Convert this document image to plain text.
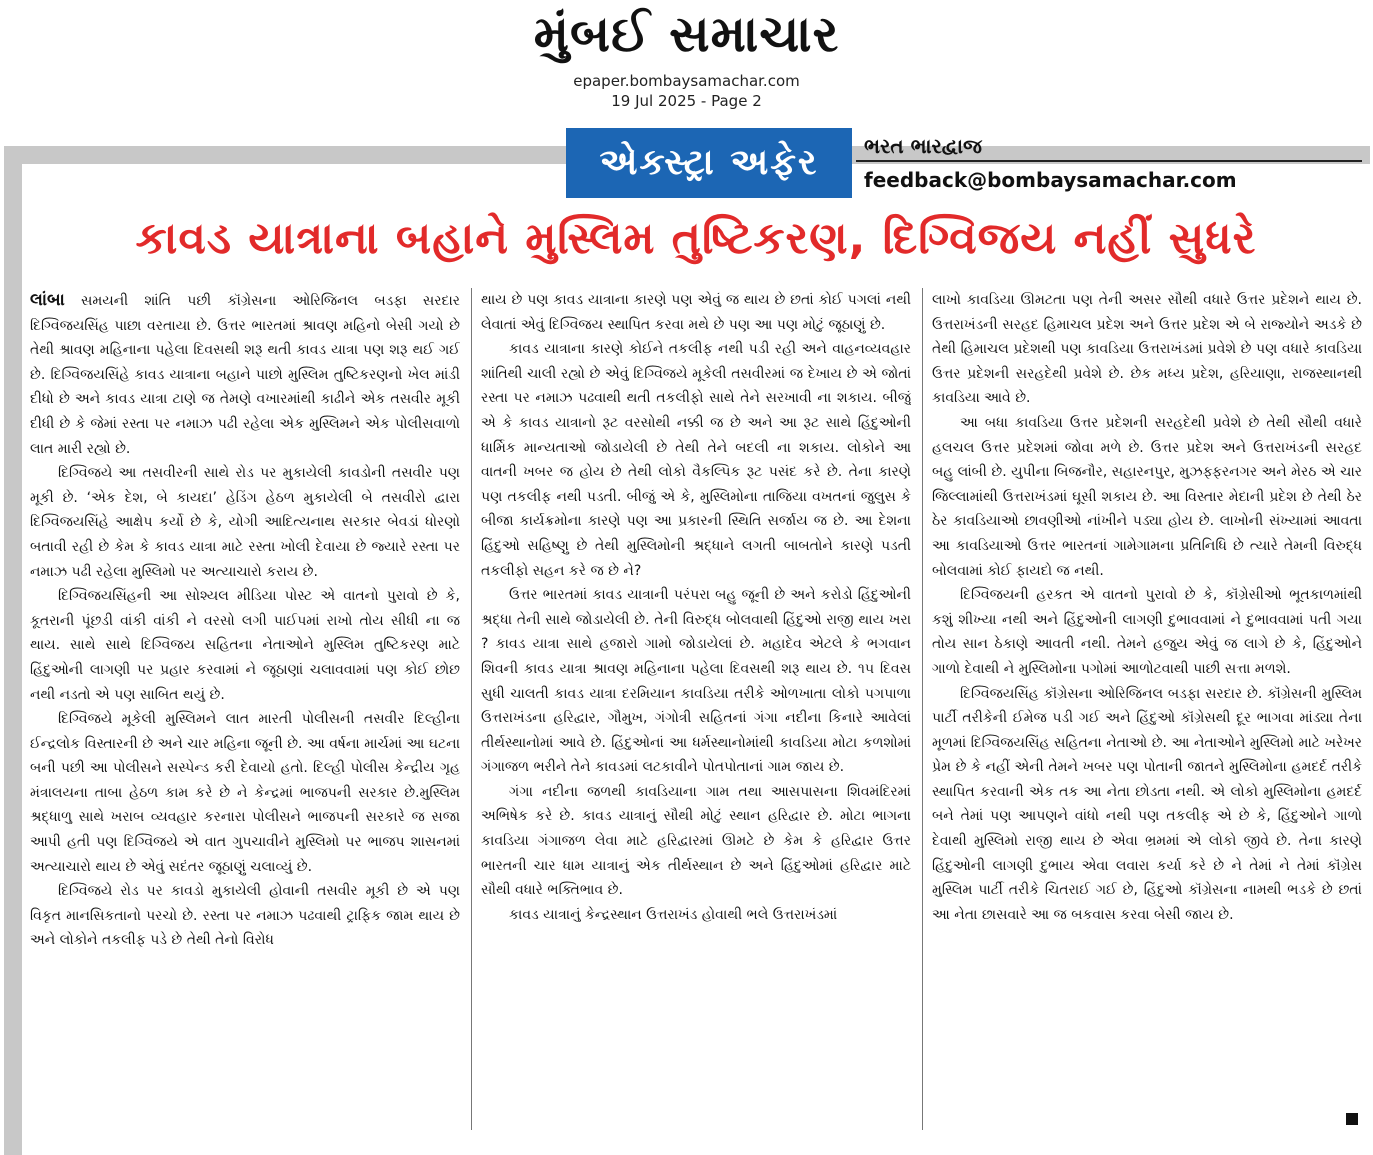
મુંબઈ સમાચાર
epaper.bombaysamachar.com
19 Jul 2025 - Page 2
એક્સ્ટ્રા અફેર	ભરત ભારદ્વાજ
feedback@bombaysamachar.com
કાવડ યાત્રાના બહાને મુસ્લિમ તુષ્ટિકરણ, દિગ્વિજય નહીં સુધરે

લાંબા સમયની શાંતિ પછી કૉંગ્રેસના ઓરિજિનલ બડફા સરદાર દિગ્વિજયસિંહ પાછા વરતાયા છે. ઉત્તર ભારતમાં શ્રાવણ મહિનો બેસી ગયો છે તેથી શ્રાવણ મહિનાના પહેલા દિવસથી શરૂ થતી કાવડ યાત્રા પણ શરૂ થઈ ગઈ છે. દિગ્વિજયસિંહે કાવડ યાત્રાના બહાને પાછો મુસ્લિમ તુષ્ટિકરણનો ખેલ માંડી દીધો છે અને કાવડ યાત્રા ટાણે જ તેમણે વખારમાંથી કાઢીને એક તસવીર મૂકી દીધી છે કે જેમાં રસ્તા પર નમાઝ પઢી રહેલા એક મુસ્લિમને એક પોલીસવાળો લાત મારી રહ્યો છે.

દિગ્વિજયે આ તસવીરની સાથે રોડ પર મુકાયેલી કાવડોની તસવીર પણ મૂકી છે. ‘એક દેશ, બે કાયદા’ હેડિંગ હેઠળ મુકાયેલી બે તસવીરો દ્વારા દિગ્વિજયસિંહે આક્ષેપ કર્યો છે કે, યોગી આદિત્યનાથ સરકાર બેવડાં ધોરણો બતાવી રહી છે કેમ કે કાવડ યાત્રા માટે રસ્તા ખોલી દેવાયા છે જ્યારે રસ્તા પર નમાઝ પઢી રહેલા મુસ્લિમો પર અત્યાચારો કરાય છે.

દિગ્વિજયસિંહની આ સોશ્યલ મીડિયા પોસ્ટ એ વાતનો પુરાવો છે કે, કૂતરાની પૂંછડી વાંકી વાંકી ને વરસો લગી પાઈપમાં રાખો તોય સીધી ના જ થાય. સાથે સાથે દિગ્વિજય સહિતના નેતાઓને મુસ્લિમ તુષ્ટિકરણ માટે હિંદુઓની લાગણી પર પ્રહાર કરવામાં ને જૂઠાણાં ચલાવવામાં પણ કોઈ છોછ નથી નડતો એ પણ સાબિત થયું છે.

દિગ્વિજયે મૂકેલી મુસ્લિમને લાત મારતી પોલીસની તસવીર દિલ્હીના ઈન્દ્રલોક વિસ્તારની છે અને ચાર મહિના જૂની છે. આ વર્ષના માર્ચમાં આ ઘટના બની પછી આ પોલીસને સસ્પેન્ડ કરી દેવાયો હતો. દિલ્હી પોલીસ કેન્દ્રીય ગૃહ મંત્રાલયના તાબા હેઠળ કામ કરે છે ને કેન્દ્રમાં ભાજપની સરકાર છે.મુસ્લિમ શ્રદ્ધાળુ સાથે ખરાબ વ્યવહાર કરનારા પોલીસને ભાજપની સરકારે જ સજા આપી હતી પણ દિગ્વિજયે એ વાત ગુપચાવીને મુસ્લિમો પર ભાજપ શાસનમાં અત્યાચારો થાય છે એવું સદંતર જૂઠાણું ચલાવ્યું છે.

દિગ્વિજયે રોડ પર કાવડો મુકાયેલી હોવાની તસવીર મૂકી છે એ પણ વિકૃત માનસિકતાનો પરચો છે. રસ્તા પર નમાઝ પઢવાથી ટ્રાફિક જામ થાય છે અને લોકોને તકલીફ પડે છે તેથી તેનો વિરોધ

થાય છે પણ કાવડ યાત્રાના કારણે પણ એવું જ થાય છે છતાં કોઈ પગલાં નથી લેવાતાં એવું દિગ્વિજય સ્થાપિત કરવા મથે છે પણ આ પણ મોટું જૂઠાણું છે.

કાવડ યાત્રાના કારણે કોઈને તકલીફ નથી પડી રહી અને વાહનવ્યવહાર શાંતિથી ચાલી રહ્યો છે એવું દિગ્વિજયે મૂકેલી તસવીરમાં જ દેખાય છે એ જોતાં રસ્તા પર નમાઝ પઢવાથી થતી તકલીફો સાથે તેને સરખાવી ના શકાય. બીજું એ કે કાવડ યાત્રાનો રૂટ વરસોથી નક્કી જ છે અને આ રૂટ સાથે હિંદુઓની ધાર્મિક માન્યતાઓ જોડાયેલી છે તેથી તેને બદલી ના શકાય. લોકોને આ વાતની ખબર જ હોય છે તેથી લોકો વૈકલ્પિક રૂટ પસંદ કરે છે. તેના કારણે પણ તકલીફ નથી પડતી. બીજું એ કે, મુસ્લિમોના તાજિયા વખતનાં જુલુસ કે બીજા કાર્યક્રમોના કારણે પણ આ પ્રકારની સ્થિતિ સર્જાય જ છે. આ દેશના હિંદુઓ સહિષ્ણુ છે તેથી મુસ્લિમોની શ્રદ્ધાને લગતી બાબતોને કારણે પડતી તકલીફો સહન કરે જ છે ને?

ઉત્તર ભારતમાં કાવડ યાત્રાની પરંપરા બહુ જૂની છે અને કરોડો હિંદુઓની શ્રદ્ધા તેની સાથે જોડાયેલી છે. તેની વિરુદ્ધ બોલવાથી હિંદુઓ રાજી થાય ખરા ? કાવડ યાત્રા સાથે હજારો ગામો જોડાયેલાં છે. મહાદેવ એટલે કે ભગવાન શિવની કાવડ યાત્રા શ્રાવણ મહિનાના પહેલા દિવસથી શરૂ થાય છે. ૧૫ દિવસ સુધી ચાલતી કાવડ યાત્રા દરમિયાન કાવડિયા તરીકે ઓળખાતા લોકો પગપાળા ઉત્તરાખંડના હરિદ્વાર, ગૌમુખ, ગંગોત્રી સહિતનાં ગંગા નદીના કિનારે આવેલાં તીર્થસ્થાનોમાં આવે છે. હિંદુઓનાં આ ધર્મસ્થાનોમાંથી કાવડિયા મોટા કળશોમાં ગંગાજળ ભરીને તેને કાવડમાં લટકાવીને પોતપોતાનાં ગામ જાય છે.

ગંગા નદીના જળથી કાવડિયાના ગામ તથા આસપાસના શિવમંદિરમાં અભિષેક કરે છે. કાવડ યાત્રાનું સૌથી મોટું સ્થાન હરિદ્વાર છે. મોટા ભાગના કાવડિયા ગંગાજળ લેવા માટે હરિદ્વારમાં ઊમટે છે કેમ કે હરિદ્વાર ઉત્તર ભારતની ચાર ધામ યાત્રાનું એક તીર્થસ્થાન છે અને હિંદુઓમાં હરિદ્વાર માટે સૌથી વધારે ભક્તિભાવ છે.

કાવડ યાત્રાનું કેન્દ્રસ્થાન ઉત્તરાખંડ હોવાથી ભલે ઉત્તરાખંડમાં

લાખો કાવડિયા ઊમટતા પણ તેની અસર સૌથી વધારે ઉત્તર પ્રદેશને થાય છે. ઉત્તરાખંડની સરહદ હિમાચલ પ્રદેશ અને ઉત્તર પ્રદેશ એ બે રાજ્યોને અડકે છે તેથી હિમાચલ પ્રદેશથી પણ કાવડિયા ઉત્તરાખંડમાં પ્રવેશે છે પણ વધારે કાવડિયા ઉત્તર પ્રદેશની સરહદેથી પ્રવેશે છે. છેક મધ્ય પ્રદેશ, હરિયાણા, રાજસ્થાનથી કાવડિયા આવે છે.

આ બધા કાવડિયા ઉત્તર પ્રદેશની સરહદેથી પ્રવેશે છે તેથી સૌથી વધારે હલચલ ઉત્તર પ્રદેશમાં જોવા મળે છે. ઉત્તર પ્રદેશ અને ઉત્તરાખંડની સરહદ બહુ લાંબી છે. યુપીના બિજનૌર, સહારનપુર, મુઝફ્ફરનગર અને મેરઠ એ ચાર જિલ્લામાંથી ઉત્તરાખંડમાં ઘૂસી શકાય છે. આ વિસ્તાર મેદાની પ્રદેશ છે તેથી ઠેર ઠેર કાવડિયાઓ છાવણીઓ નાંખીને પડ્યા હોય છે. લાખોની સંખ્યામાં આવતા આ કાવડિયાઓ ઉત્તર ભારતનાં ગામેગામના પ્રતિનિધિ છે ત્યારે તેમની વિરુદ્ધ બોલવામાં કોઈ ફાયદો જ નથી.

દિગ્વિજયની હરકત એ વાતનો પુરાવો છે કે, કૉંગ્રેસીઓ ભૂતકાળમાંથી કશું શીખ્યા નથી અને હિંદુઓની લાગણી દુભાવવામાં ને દુભાવવામાં પતી ગયા તોય સાન ઠેકાણે આવતી નથી. તેમને હજુય એવું જ લાગે છે કે, હિંદુઓને ગાળો દેવાથી ને મુસ્લિમોના પગોમાં આળોટવાથી પાછી સત્તા મળશે.

દિગ્વિજયસિંહ કૉંગ્રેસના ઓરિજિનલ બડફા સરદાર છે. કૉંગ્રેસની મુસ્લિમ પાર્ટી તરીકેની ઈમેજ પડી ગઈ અને હિંદુઓ કૉંગ્રેસથી દૂર ભાગવા માંડ્યા તેના મૂળમાં દિગ્વિજયસિંહ સહિતના નેતાઓ છે. આ નેતાઓને મુસ્લિમો માટે ખરેખર પ્રેમ છે કે નહીં એની તેમને ખબર પણ પોતાની જાતને મુસ્લિમોના હમદર્દ તરીકે સ્થાપિત કરવાની એક તક આ નેતા છોડતા નથી. એ લોકો મુસ્લિમોના હમદર્દ બને તેમાં પણ આપણને વાંધો નથી પણ તકલીફ એ છે કે, હિંદુઓને ગાળો દેવાથી મુસ્લિમો રાજી થાય છે એવા ભ્રમમાં એ લોકો જીવે છે. તેના કારણે હિંદુઓની લાગણી દુભાય એવા લવારા કર્યા કરે છે ને તેમાં ને તેમાં કૉંગ્રેસ મુસ્લિમ પાર્ટી તરીકે ચિતરાઈ ગઈ છે, હિંદુઓ કૉંગ્રેસના નામથી ભડકે છે છતાં આ નેતા છાસવારે આ જ બકવાસ કરવા બેસી જાય છે.
